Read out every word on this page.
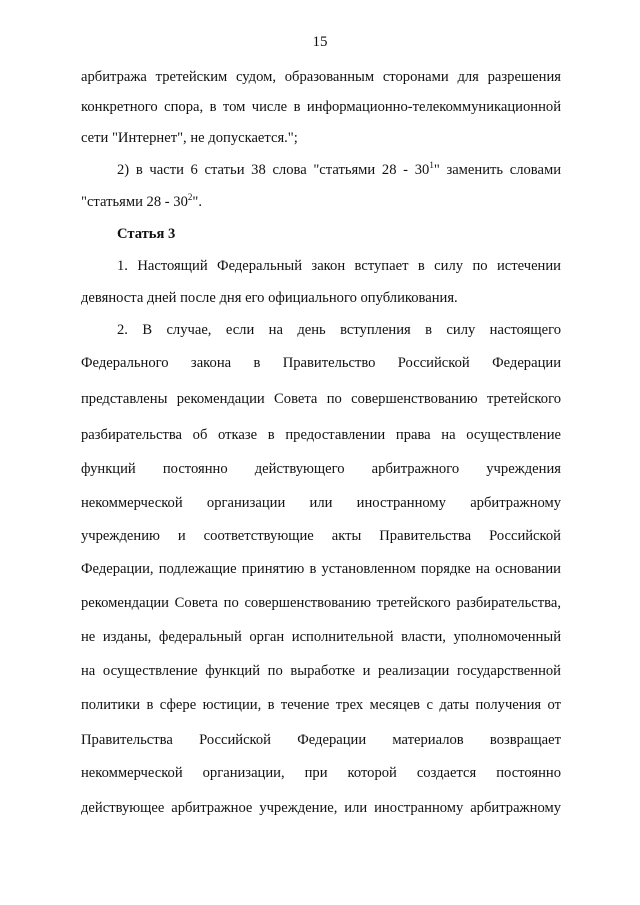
15
арбитража третейским судом, образованным сторонами для разрешения
конкретного спора, в том числе в информационно-телекоммуникационной
сети "Интернет", не допускается.";
2) в части 6 статьи 38 слова "статьями $28 - 30^1$" заменить словами
"статьями $28 - 30^2$".
Статья 3
1. Настоящий Федеральный закон вступает в силу по истечении
девяноста дней после дня его официального опубликования.
2. В случае, если на день вступления в силу настоящего
Федерального закона в Правительство Российской Федерации
представлены рекомендации Совета по совершенствованию третейского
разбирательства об отказе в предоставлении права на осуществление
функций постоянно действующего арбитражного учреждения
некоммерческой организации или иностранному арбитражному
учреждению и соответствующие акты Правительства Российской
Федерации, подлежащие принятию в установленном порядке на основании
рекомендации Совета по совершенствованию третейского разбирательства,
не изданы, федеральный орган исполнительной власти, уполномоченный
на осуществление функций по выработке и реализации государственной
политики в сфере юстиции, в течение трех месяцев с даты получения от
Правительства Российской Федерации материалов возвращает
некоммерческой организации, при которой создается постоянно
действующее арбитражное учреждение, или иностранному арбитражному
